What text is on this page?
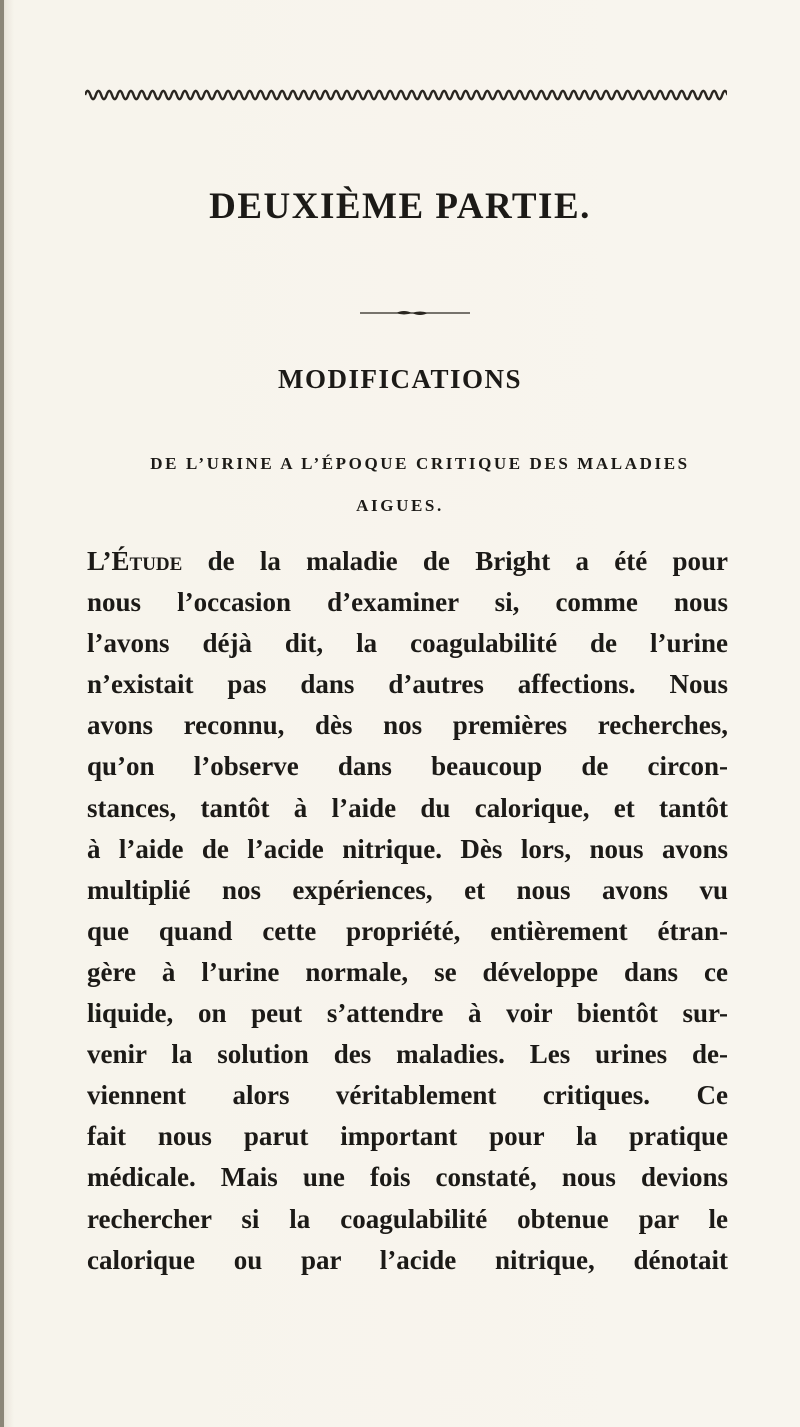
DEUXIÈME PARTIE.
MODIFICATIONS
DE L’URINE A L’ÉPOQUE CRITIQUE DES MALADIES
AIGUES.
L’Étude de la maladie de Bright a été pour
nous l’occasion d’examiner si, comme nous
l’avons déjà dit, la coagulabilité de l’urine
n’existait pas dans d’autres affections. Nous
avons reconnu, dès nos premières recherches,
qu’on l’observe dans beaucoup de circon-
stances, tantôt à l’aide du calorique, et tantôt
à l’aide de l’acide nitrique. Dès lors, nous avons
multiplié nos expériences, et nous avons vu
que quand cette propriété, entièrement étran-
gère à l’urine normale, se développe dans ce
liquide, on peut s’attendre à voir bientôt sur-
venir la solution des maladies. Les urines de-
viennent alors véritablement critiques. Ce
fait nous parut important pour la pratique
médicale. Mais une fois constaté, nous devions
rechercher si la coagulabilité obtenue par le
calorique ou par l’acide nitrique, dénotait
